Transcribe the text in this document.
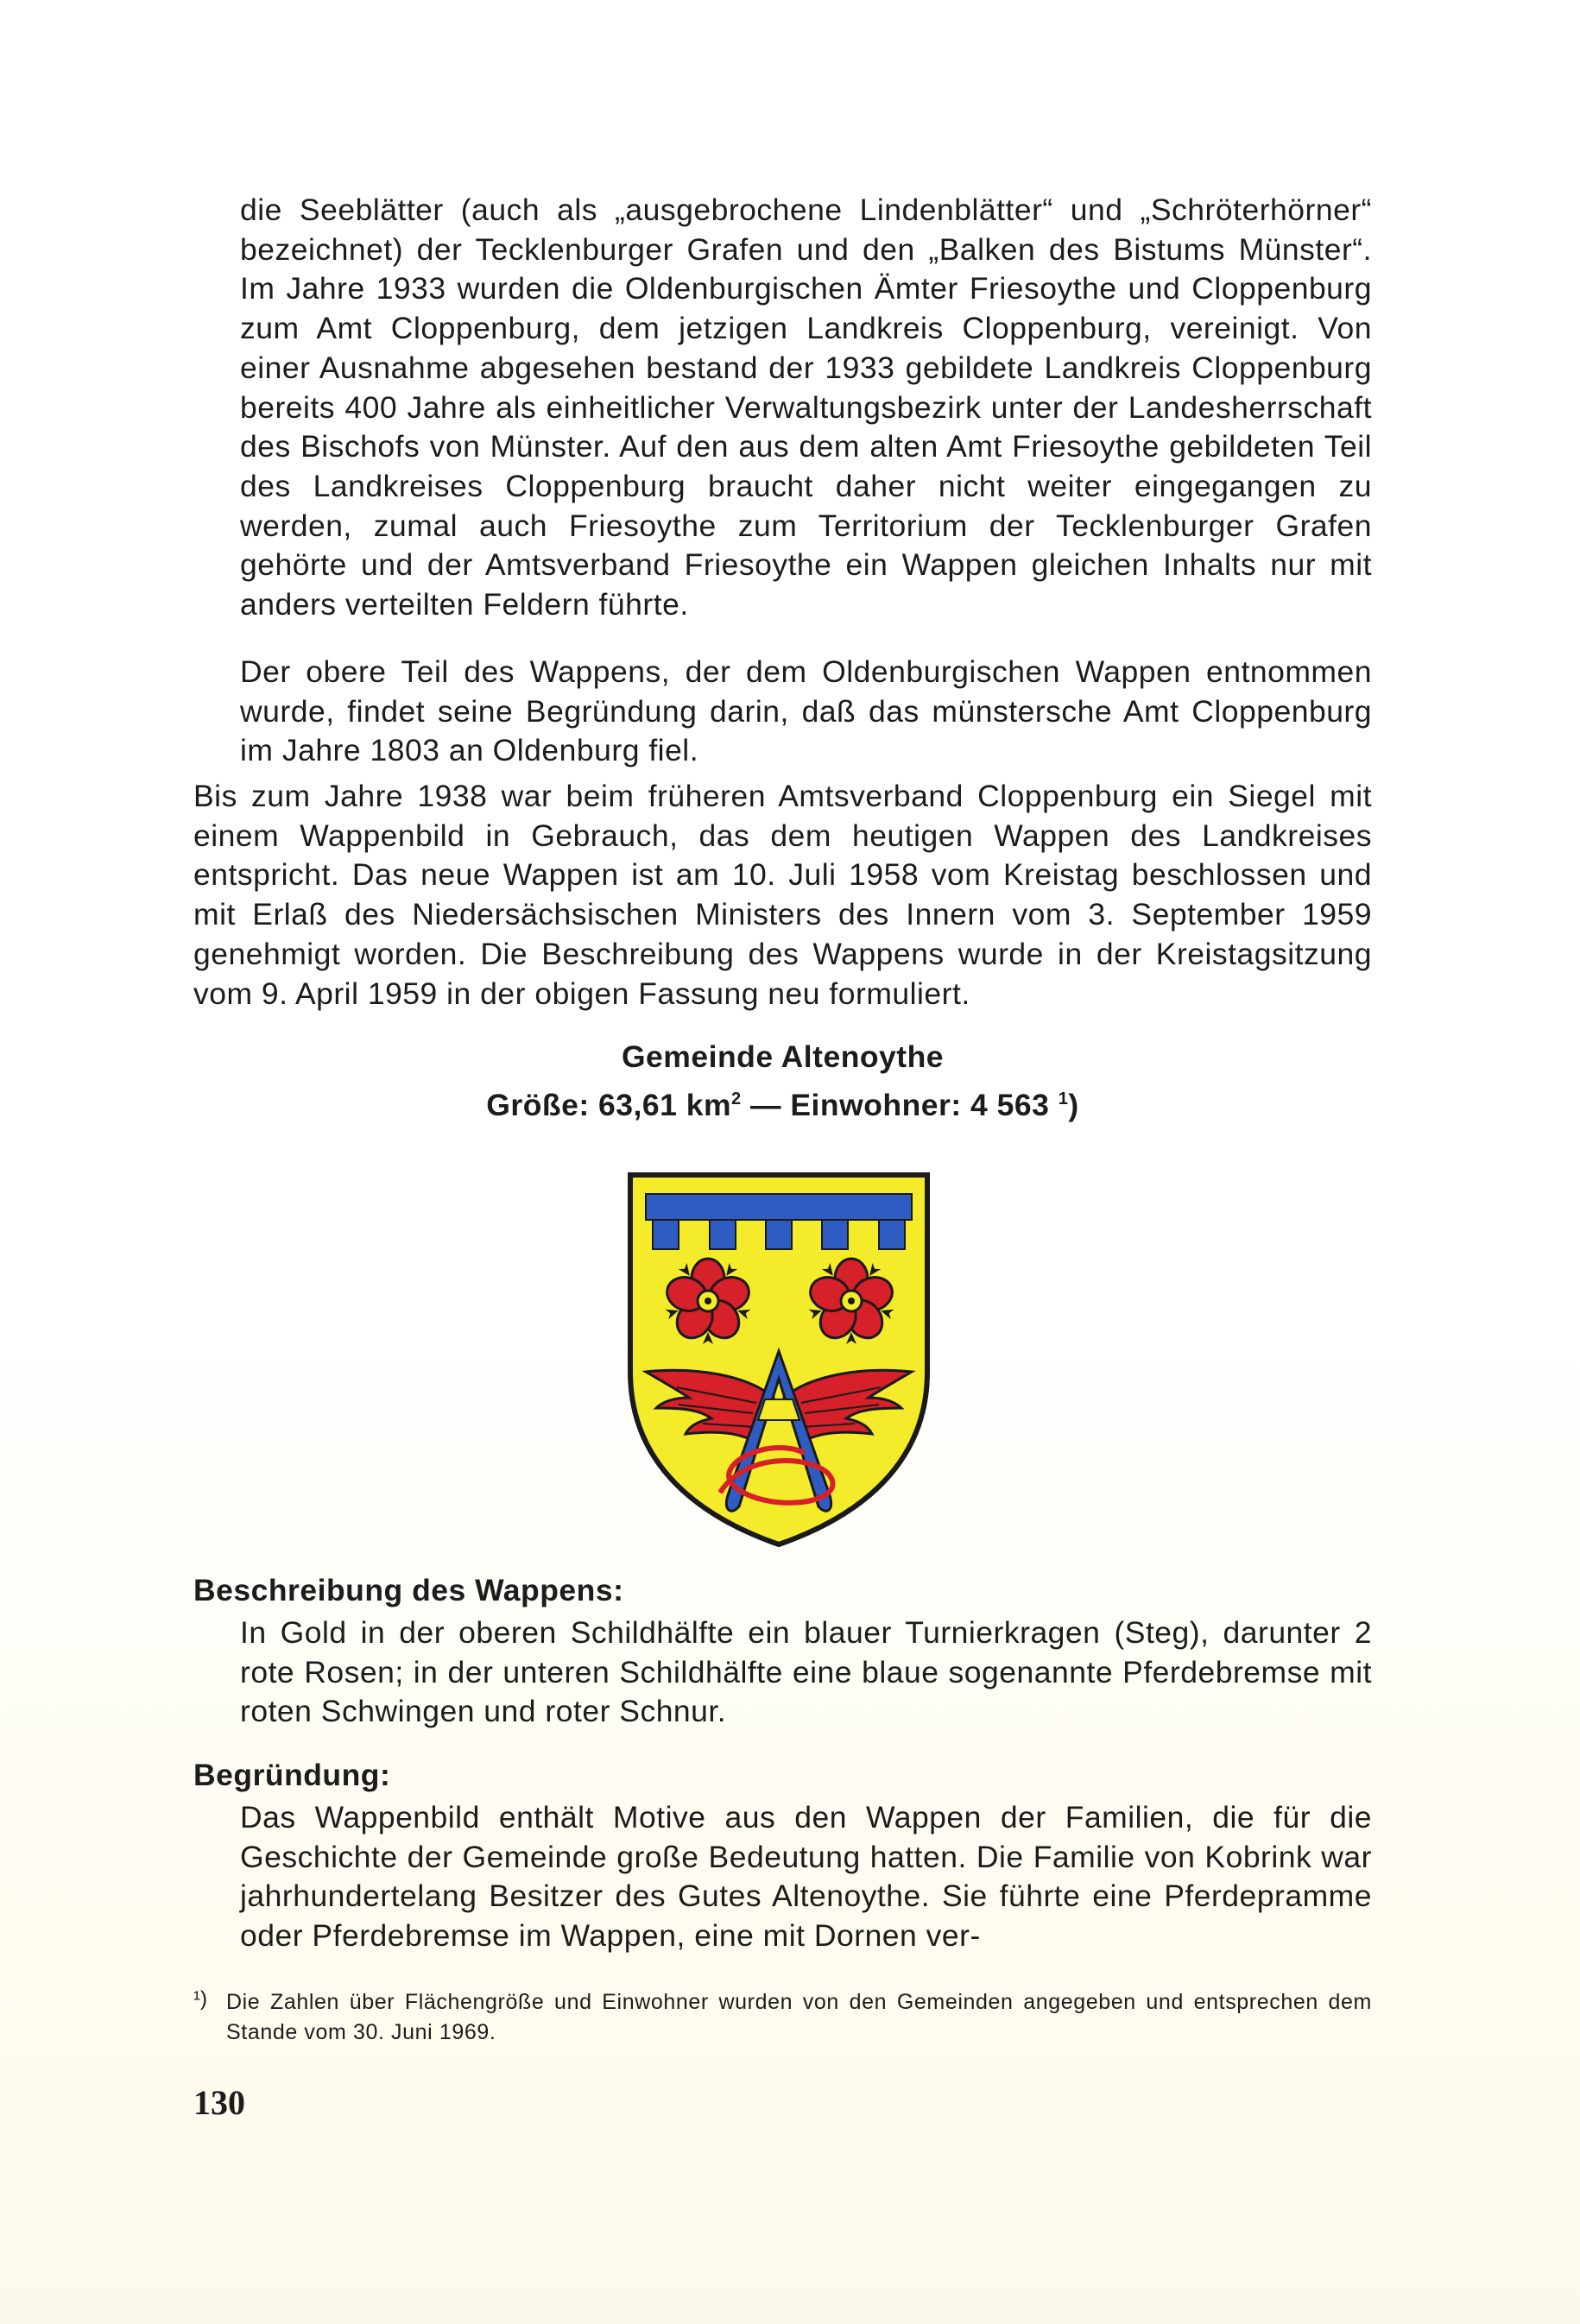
die Seeblätter (auch als „ausgebrochene Lindenblätter“ und „Schröterhörner“ bezeichnet) der Tecklenburger Grafen und den „Balken des Bistums Münster“. Im Jahre 1933 wurden die Oldenburgischen Ämter Friesoythe und Cloppenburg zum Amt Cloppenburg, dem jetzigen Landkreis Cloppenburg, vereinigt. Von einer Ausnahme abgesehen bestand der 1933 gebildete Landkreis Cloppenburg bereits 400 Jahre als einheitlicher Verwaltungsbezirk unter der Landesherrschaft des Bischofs von Münster. Auf den aus dem alten Amt Friesoythe gebildeten Teil des Landkreises Cloppenburg braucht daher nicht weiter eingegangen zu werden, zumal auch Friesoythe zum Territorium der Tecklenburger Grafen gehörte und der Amtsverband Friesoythe ein Wappen gleichen Inhalts nur mit anders verteilten Feldern führte.

Der obere Teil des Wappens, der dem Oldenburgischen Wappen entnommen wurde, findet seine Begründung darin, daß das münstersche Amt Cloppenburg im Jahre 1803 an Oldenburg fiel.

Bis zum Jahre 1938 war beim früheren Amtsverband Cloppenburg ein Siegel mit einem Wappenbild in Gebrauch, das dem heutigen Wappen des Landkreises entspricht. Das neue Wappen ist am 10. Juli 1958 vom Kreistag beschlossen und mit Erlaß des Niedersächsischen Ministers des Innern vom 3. September 1959 genehmigt worden. Die Beschreibung des Wappens wurde in der Kreistagsitzung vom 9. April 1959 in der obigen Fassung neu formuliert.

Gemeinde Altenoythe
Größe: 63,61 $km^2$ — Einwohner: 4 563 $^1$)

Beschreibung des Wappens:

In Gold in der oberen Schildhälfte ein blauer Turnierkragen (Steg), darunter 2 rote Rosen; in der unteren Schildhälfte eine blaue sogenannte Pferdebremse mit roten Schwingen und roter Schnur.

Begründung:

Das Wappenbild enthält Motive aus den Wappen der Familien, die für die Geschichte der Gemeinde große Bedeutung hatten. Die Familie von Kobrink war jahrhundertelang Besitzer des Gutes Altenoythe. Sie führte eine Pferdepramme oder Pferdebremse im Wappen, eine mit Dornen ver-

¹) Die Zahlen über Flächengröße und Einwohner wurden von den Gemeinden angegeben und entsprechen dem Stande vom 30. Juni 1969.

130
